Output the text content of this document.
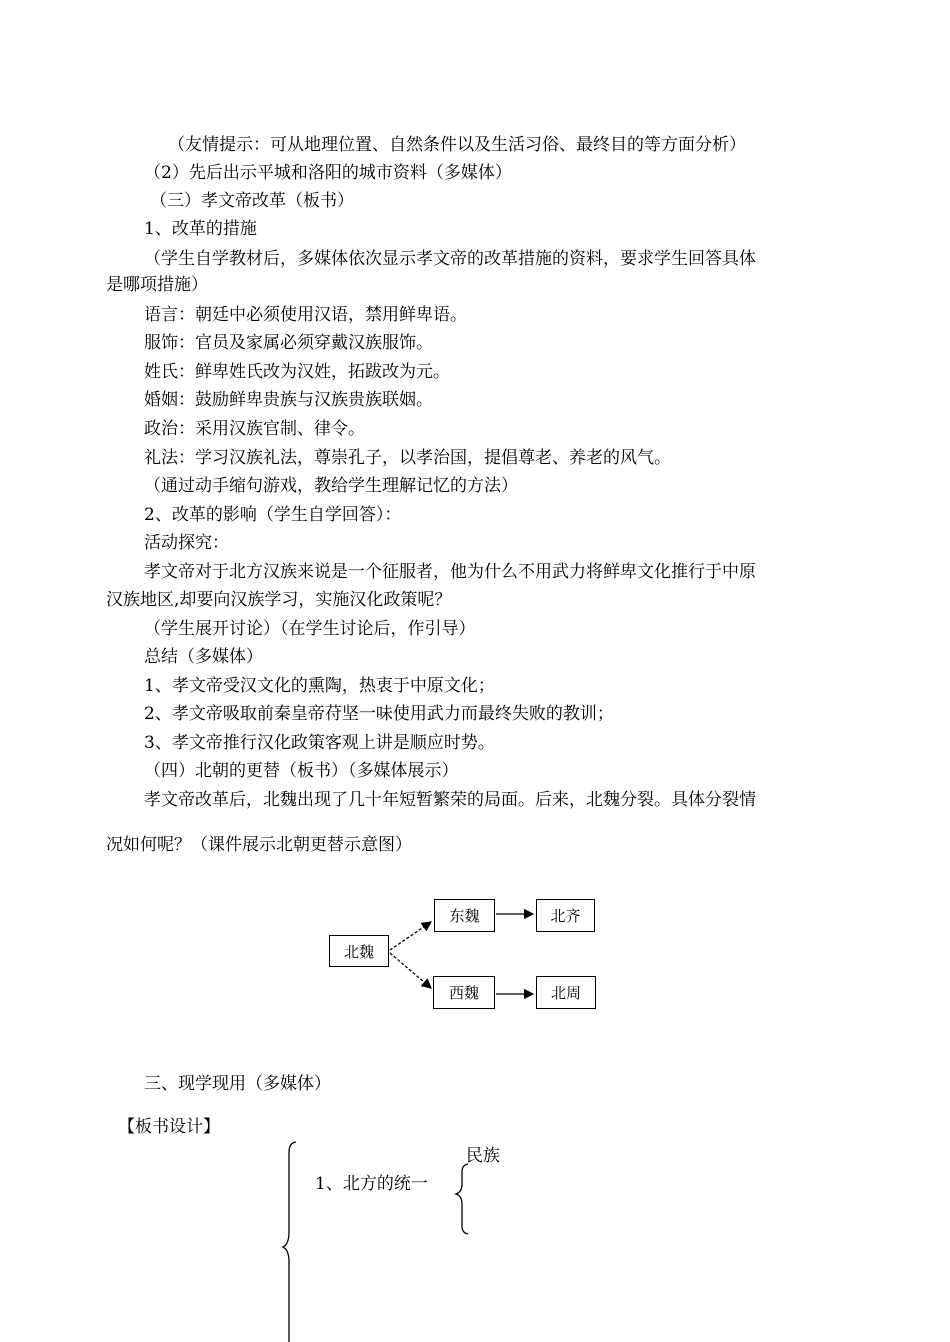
（友情提示：可从地理位置、自然条件以及生活习俗、最终目的等方面分析）
（2）先后出示平城和洛阳的城市资料（多媒体）
（三）孝文帝改革（板书）
1、改革的措施
（学生自学教材后，多媒体依次显示孝文帝的改革措施的资料，要求学生回答具体
是哪项措施）
语言：朝廷中必须使用汉语，禁用鲜卑语。
服饰：官员及家属必须穿戴汉族服饰。
姓氏：鲜卑姓氏改为汉姓，拓跋改为元。
婚姻：鼓励鲜卑贵族与汉族贵族联姻。
政治：采用汉族官制、律令。
礼法：学习汉族礼法，尊崇孔子，以孝治国，提倡尊老、养老的风气。
（通过动手缩句游戏，教给学生理解记忆的方法）
2、改革的影响（学生自学回答）：
活动探究：
孝文帝对于北方汉族来说是一个征服者，他为什么不用武力将鲜卑文化推行于中原
汉族地区,却要向汉族学习，实施汉化政策呢？
（学生展开讨论）（在学生讨论后，作引导）
总结（多媒体）
1、孝文帝受汉文化的熏陶，热衷于中原文化；
2、孝文帝吸取前秦皇帝苻坚一味使用武力而最终失败的教训；
3、孝文帝推行汉化政策客观上讲是顺应时势。
（四）北朝的更替（板书）（多媒体展示）
孝文帝改革后，北魏出现了几十年短暂繁荣的局面。后来，北魏分裂。具体分裂情
况如何呢？（课件展示北朝更替示意图）
北魏
东魏
西魏
北齐
北周
三、现学现用（多媒体）
【板书设计】
1、北方的统一
民族
